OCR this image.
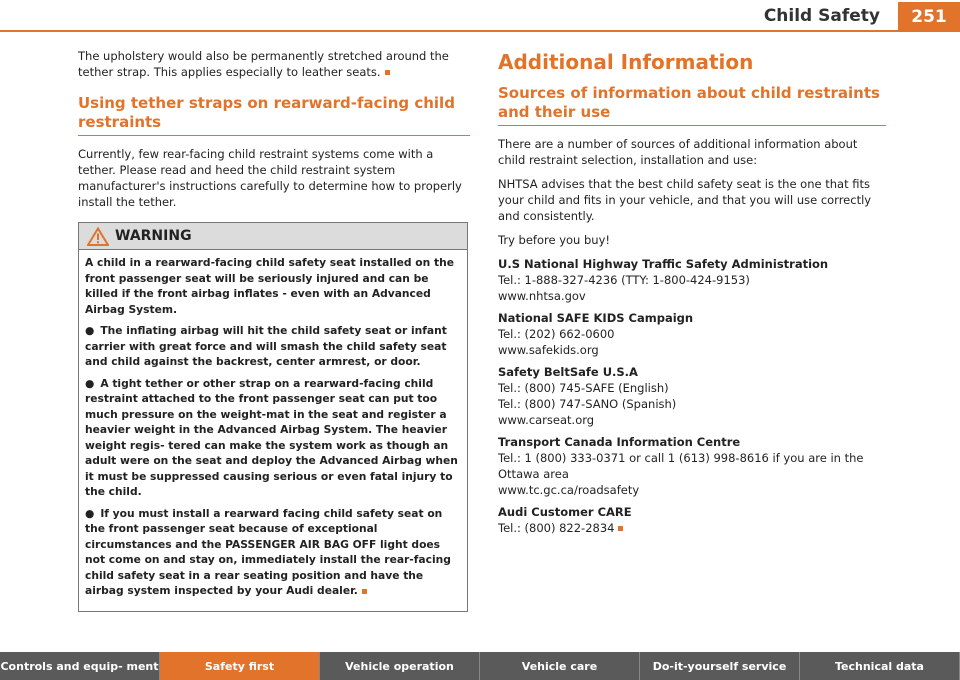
Child Safety	251

The upholstery would also be permanently stretched around the tether strap. This applies especially to leather seats.

Using tether straps on rearward-facing child restraints

Currently, few rear-facing child restraint systems come with a tether. Please read and heed the child restraint system manufacturer's instructions carefully to determine how to properly install the tether.

WARNING

A child in a rearward-facing child safety seat installed on the front passenger seat will be seriously injured and can be killed if the front airbag inflates - even with an Advanced Airbag System.

● The inflating airbag will hit the child safety seat or infant carrier with great force and will smash the child safety seat and child against the backrest, center armrest, or door.

● A tight tether or other strap on a rearward-facing child restraint attached to the front passenger seat can put too much pressure on the weight-mat in the seat and register a heavier weight in the Advanced Airbag System. The heavier weight regis- tered can make the system work as though an adult were on the seat and deploy the Advanced Airbag when it must be suppressed causing serious or even fatal injury to the child.

● If you must install a rearward facing child safety seat on the front passenger seat because of exceptional circumstances and the PASSENGER AIR BAG OFF light does not come on and stay on, immediately install the rear-facing child safety seat in a rear seating position and have the airbag system inspected by your Audi dealer.

Additional Information
Sources of information about child restraints and their use

There are a number of sources of additional information about child restraint selection, installation and use:

NHTSA advises that the best child safety seat is the one that fits your child and fits in your vehicle, and that you will use correctly and consistently.

Try before you buy!

U.S National Highway Traffic Safety Administration
Tel.: 1-888-327-4236 (TTY: 1-800-424-9153)
www.nhtsa.gov
National SAFE KIDS Campaign
Tel.: (202) 662-0600
www.safekids.org
Safety BeltSafe U.S.A
Tel.: (800) 745-SAFE (English)
Tel.: (800) 747-SANO (Spanish)
www.carseat.org
Transport Canada Information Centre
Tel.: 1 (800) 333-0371 or call 1 (613) 998-8616 if you are in the Ottawa area
www.tc.gc.ca/roadsafety
Audi Customer CARE
Tel.: (800) 822-2834
Controls and equip- ment	Safety first	Vehicle operation	Vehicle care	Do-it-yourself service	Technical data
